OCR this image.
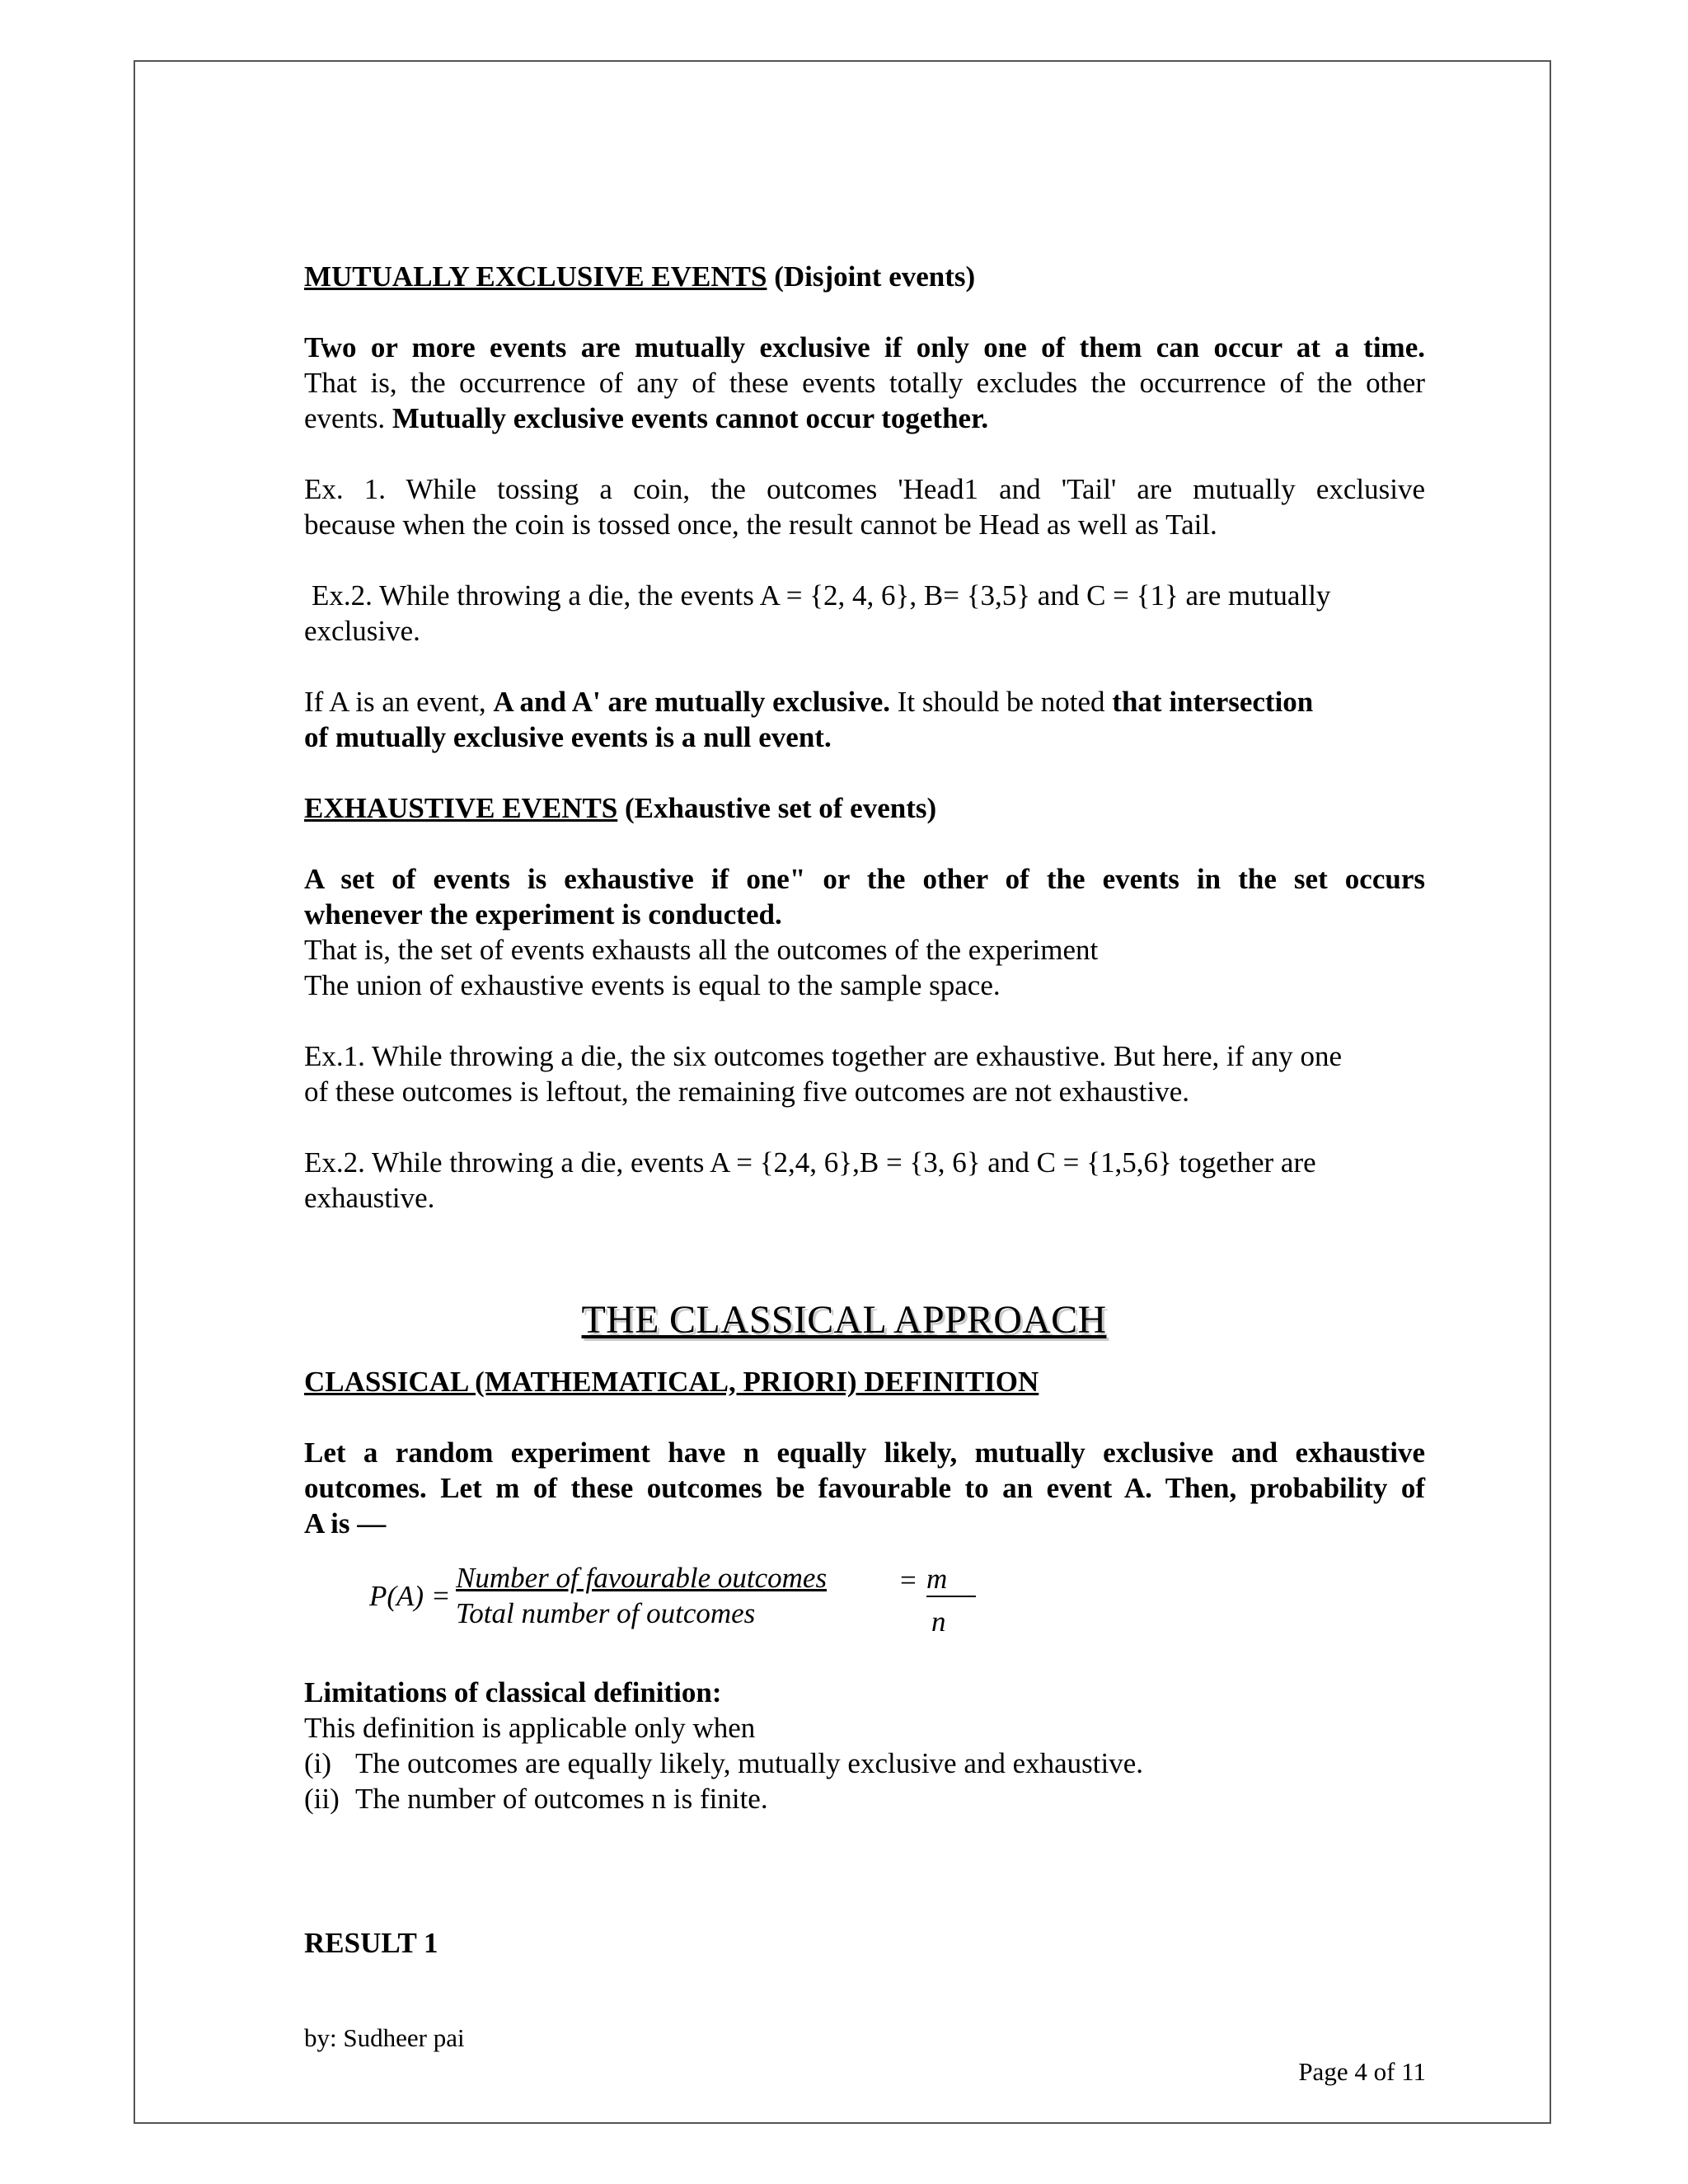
MUTUALLY EXCLUSIVE EVENTS (Disjoint events)
Two or more events are mutually exclusive if only one of them can occur at a time.
That is, the occurrence of any of these events totally excludes the occurrence of the other
events. Mutually exclusive events cannot occur together.
Ex. 1. While tossing a coin, the outcomes 'Head1 and 'Tail' are mutually exclusive
because when the coin is tossed once, the result cannot be Head as well as Tail.
Ex.2. While throwing a die, the events A = {2, 4, 6}, B= {3,5} and C = {1} are mutually
exclusive.
If A is an event, A and A' are mutually exclusive. It should be noted that intersection
of mutually exclusive events is a null event.
EXHAUSTIVE EVENTS (Exhaustive set of events)
A set of events is exhaustive if one" or the other of the events in the set occurs
whenever the experiment is conducted.
That is, the set of events exhausts all the outcomes of the experiment
The union of exhaustive events is equal to the sample space.
Ex.1. While throwing a die, the six outcomes together are exhaustive. But here, if any one
of these outcomes is leftout, the remaining five outcomes are not exhaustive.
Ex.2. While throwing a die, events A = {2,4, 6},B = {3, 6} and C = {1,5,6} together are
exhaustive.
THE CLASSICAL APPROACH
CLASSICAL (MATHEMATICAL, PRIORI) DEFINITION
Let a random experiment have n equally likely, mutually exclusive and exhaustive
outcomes. Let m of these outcomes be favourable to an event A. Then, probability of
A is —
P(A) =
Number of favourable outcomes
Total number of outcomes
= m
n
Limitations of classical definition:
This definition is applicable only when
(i) The outcomes are equally likely, mutually exclusive and exhaustive.
(ii) The number of outcomes n is finite.
RESULT 1
by: Sudheer pai
Page 4 of 11
